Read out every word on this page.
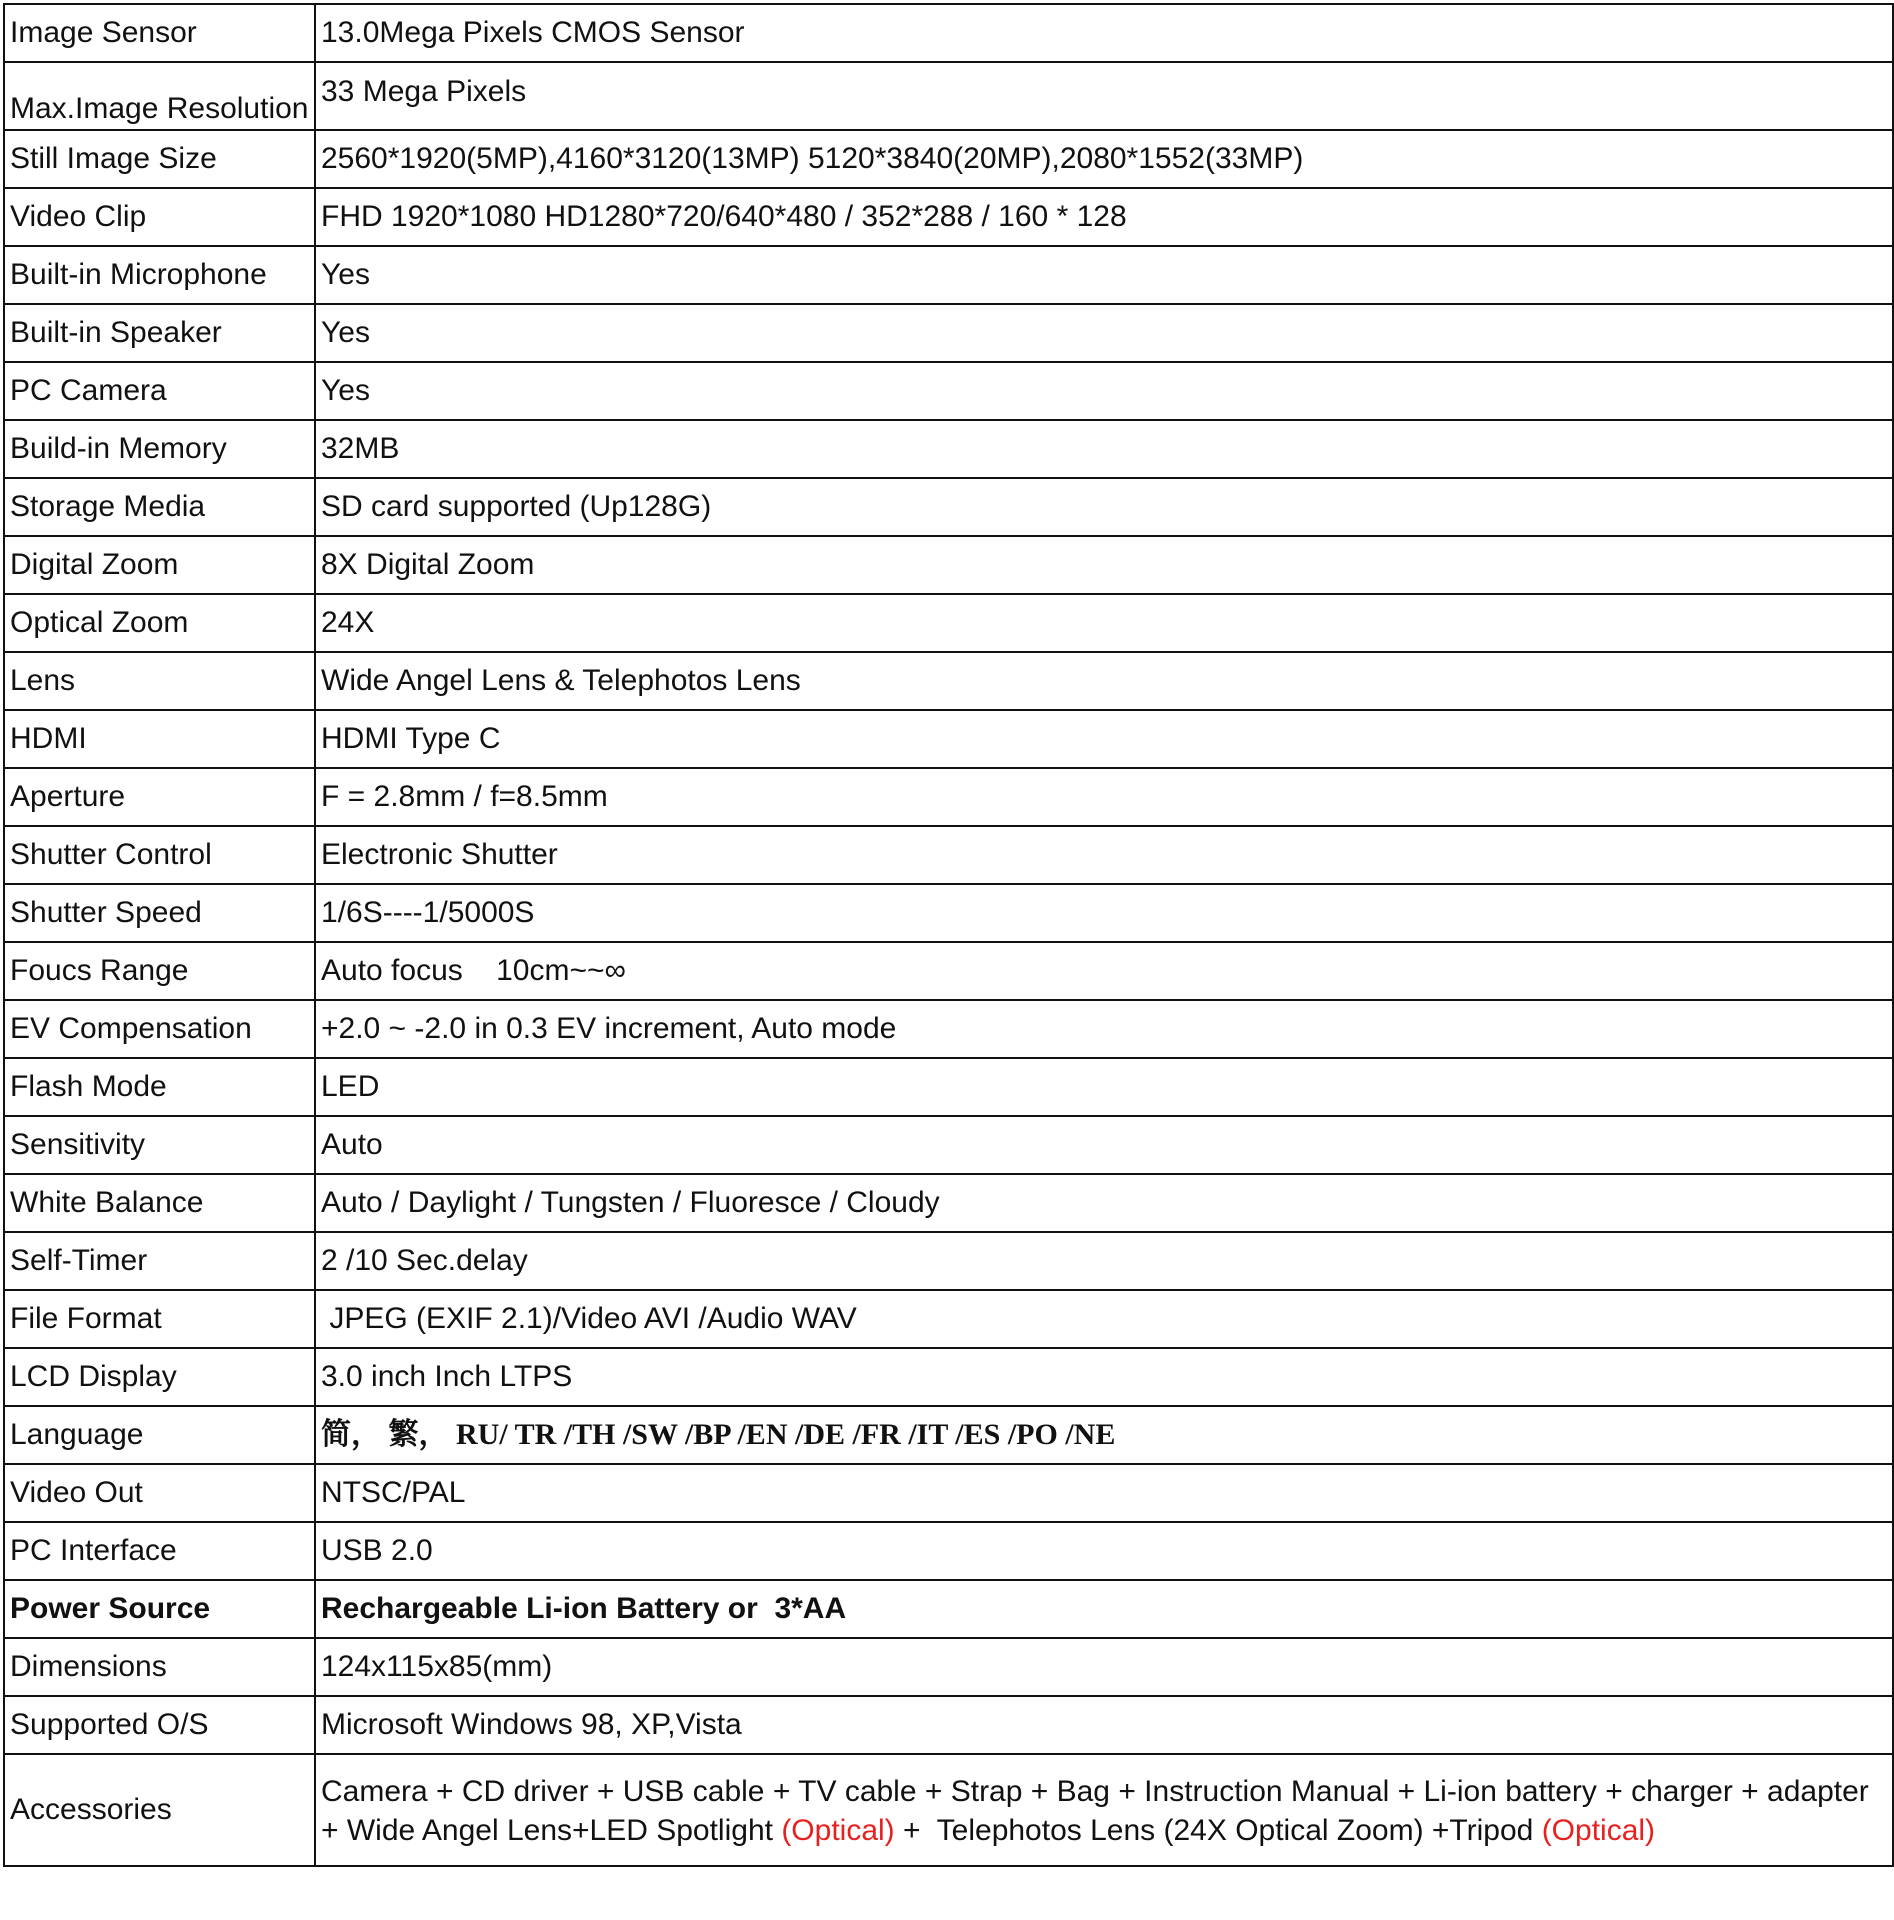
Image Sensor	13.0Mega Pixels CMOS Sensor
Max.Image Resolution	33 Mega Pixels
Still Image Size	2560*1920(5MP),4160*3120(13MP) 5120*3840(20MP),2080*1552(33MP)
Video Clip	FHD 1920*1080 HD1280*720/640*480 / 352*288 / 160 * 128
Built-in Microphone	Yes
Built-in Speaker	Yes
PC Camera	Yes
Build-in Memory	32MB
Storage Media	SD card supported (Up128G)
Digital Zoom	8X Digital Zoom
Optical Zoom	24X
Lens	Wide Angel Lens & Telephotos Lens
HDMI	HDMI Type C
Aperture	F = 2.8mm / f=8.5mm
Shutter Control	Electronic Shutter
Shutter Speed	1/6S----1/5000S
Foucs Range	Auto focus    10cm~~∞
EV Compensation	+2.0 ~ -2.0 in 0.3 EV increment, Auto mode
Flash Mode	LED
Sensitivity	Auto
White Balance	Auto / Daylight / Tungsten / Fluoresce / Cloudy
Self-Timer	2 /10 Sec.delay
File Format	JPEG (EXIF 2.1)/Video AVI /Audio WAV
LCD Display	3.0 inch Inch LTPS
Language	简， 繁， RU/ TR /TH /SW /BP /EN /DE /FR /IT /ES /PO /NE
Video Out	NTSC/PAL
PC Interface	USB 2.0
Power Source	Rechargeable Li-ion Battery or  3*AA
Dimensions	124x115x85(mm)
Supported O/S	Microsoft Windows 98, XP,Vista
Accessories	Camera + CD driver + USB cable + TV cable + Strap + Bag + Instruction Manual + Li-ion battery + charger + adapter + Wide Angel Lens+LED Spotlight (Optical) +  Telephotos Lens (24X Optical Zoom) +Tripod (Optical)
